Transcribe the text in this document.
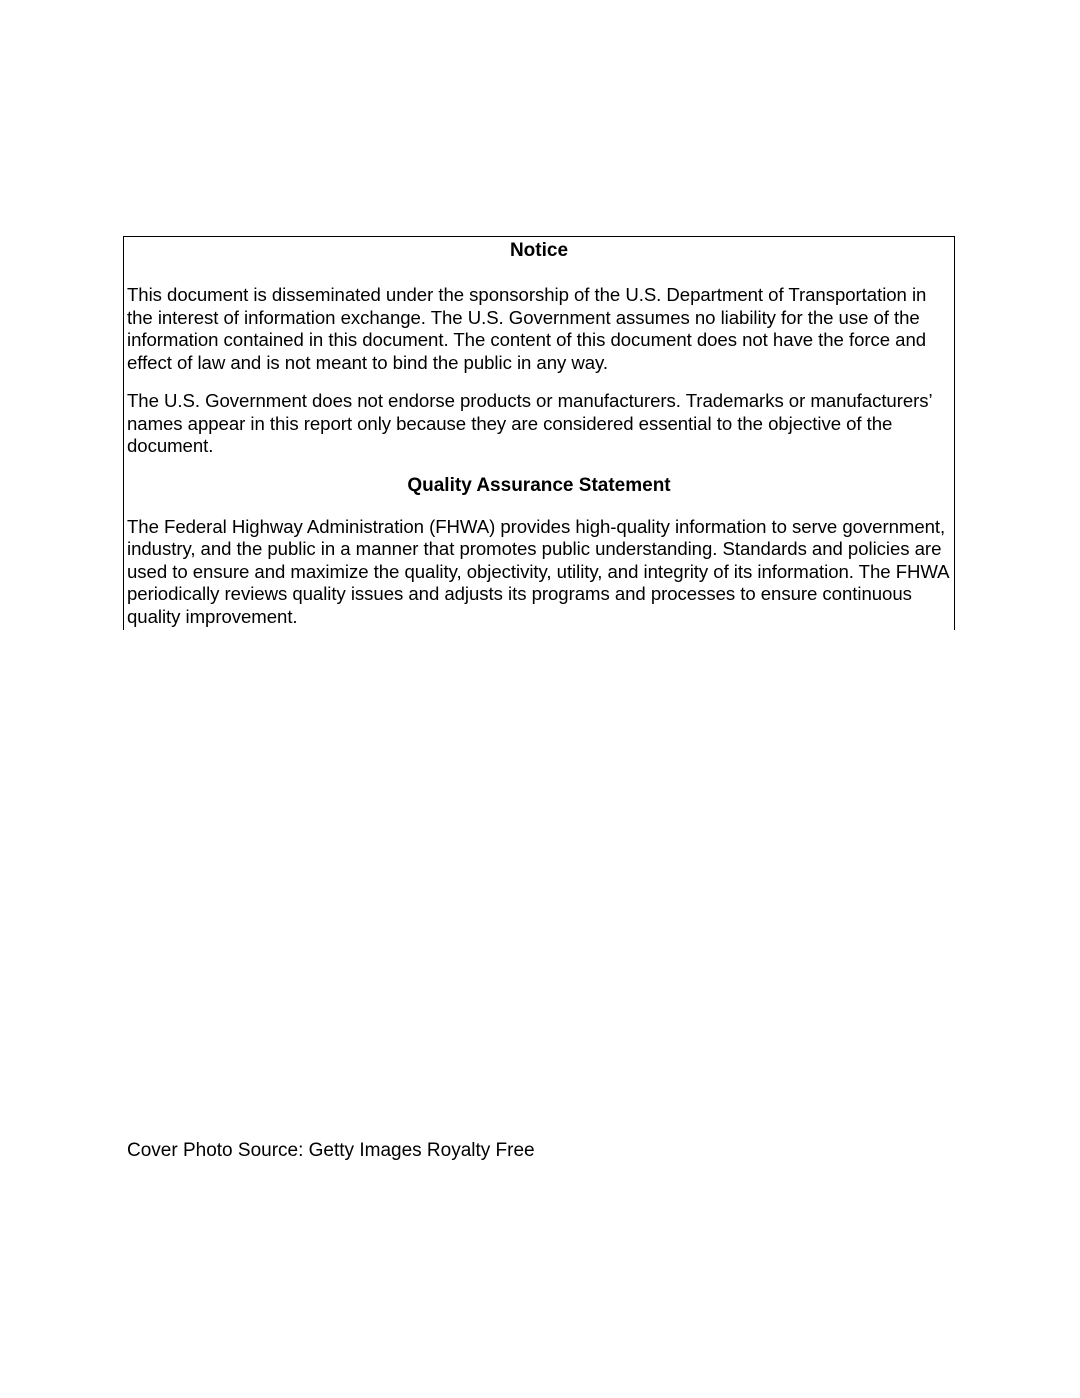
Notice

This document is disseminated under the sponsorship of the U.S. Department of Transportation in the interest of information exchange. The U.S. Government assumes no liability for the use of the information contained in this document. The content of this document does not have the force and effect of law and is not meant to bind the public in any way.

The U.S. Government does not endorse products or manufacturers. Trademarks or manufacturers’ names appear in this report only because they are considered essential to the objective of the document.

Quality Assurance Statement

The Federal Highway Administration (FHWA) provides high-quality information to serve government, industry, and the public in a manner that promotes public understanding. Standards and policies are used to ensure and maximize the quality, objectivity, utility, and integrity of its information. The FHWA periodically reviews quality issues and adjusts its programs and processes to ensure continuous quality improvement.

Cover Photo Source: Getty Images Royalty Free
